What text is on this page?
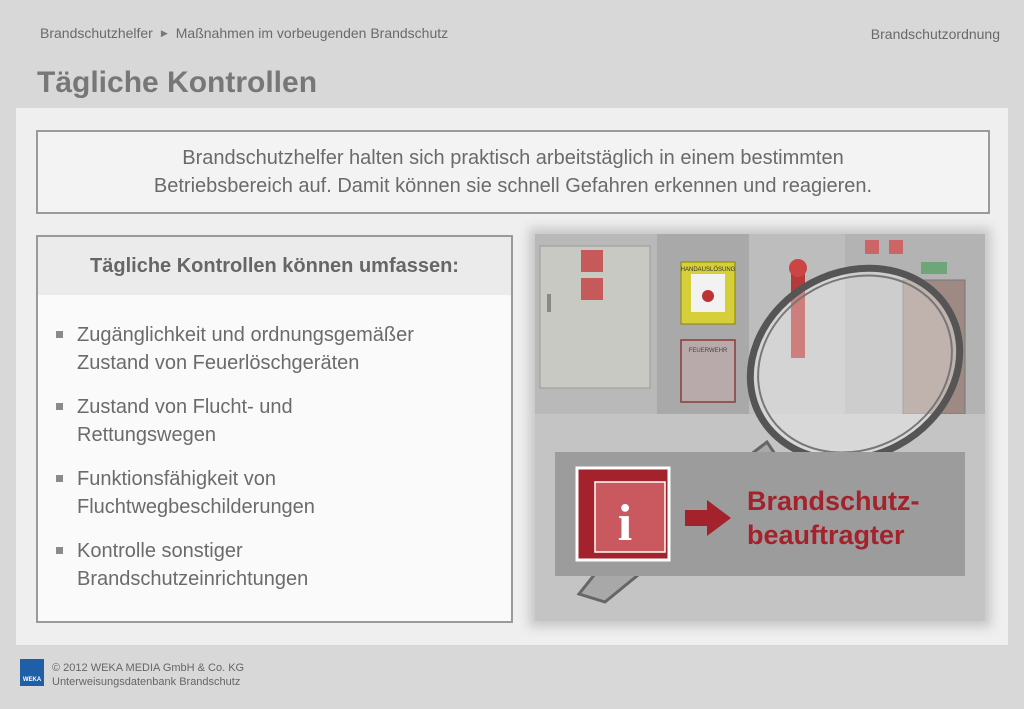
Brandschutzhelfer ▶ Maßnahmen im vorbeugenden Brandschutz	Brandschutzordnung
Tägliche Kontrollen
Brandschutzhelfer halten sich praktisch arbeitstäglich in einem bestimmten
Betriebsbereich auf. Damit können sie schnell Gefahren erkennen und reagieren.
Tägliche Kontrollen können umfassen:
Zugänglichkeit und ordnungsgemäßer
Zustand von Feuerlöschgeräten
Zustand von Flucht- und
Rettungswegen
Funktionsfähigkeit von
Fluchtwegbeschilderungen
Kontrolle sonstiger
Brandschutzeinrichtungen
HANDAUSLÖSUNG
FEUERWEHR
i	Brandschutz-
beauftragter
WEKA
© 2012 WEKA MEDIA GmbH & Co. KG
Unterweisungsdatenbank Brandschutz
